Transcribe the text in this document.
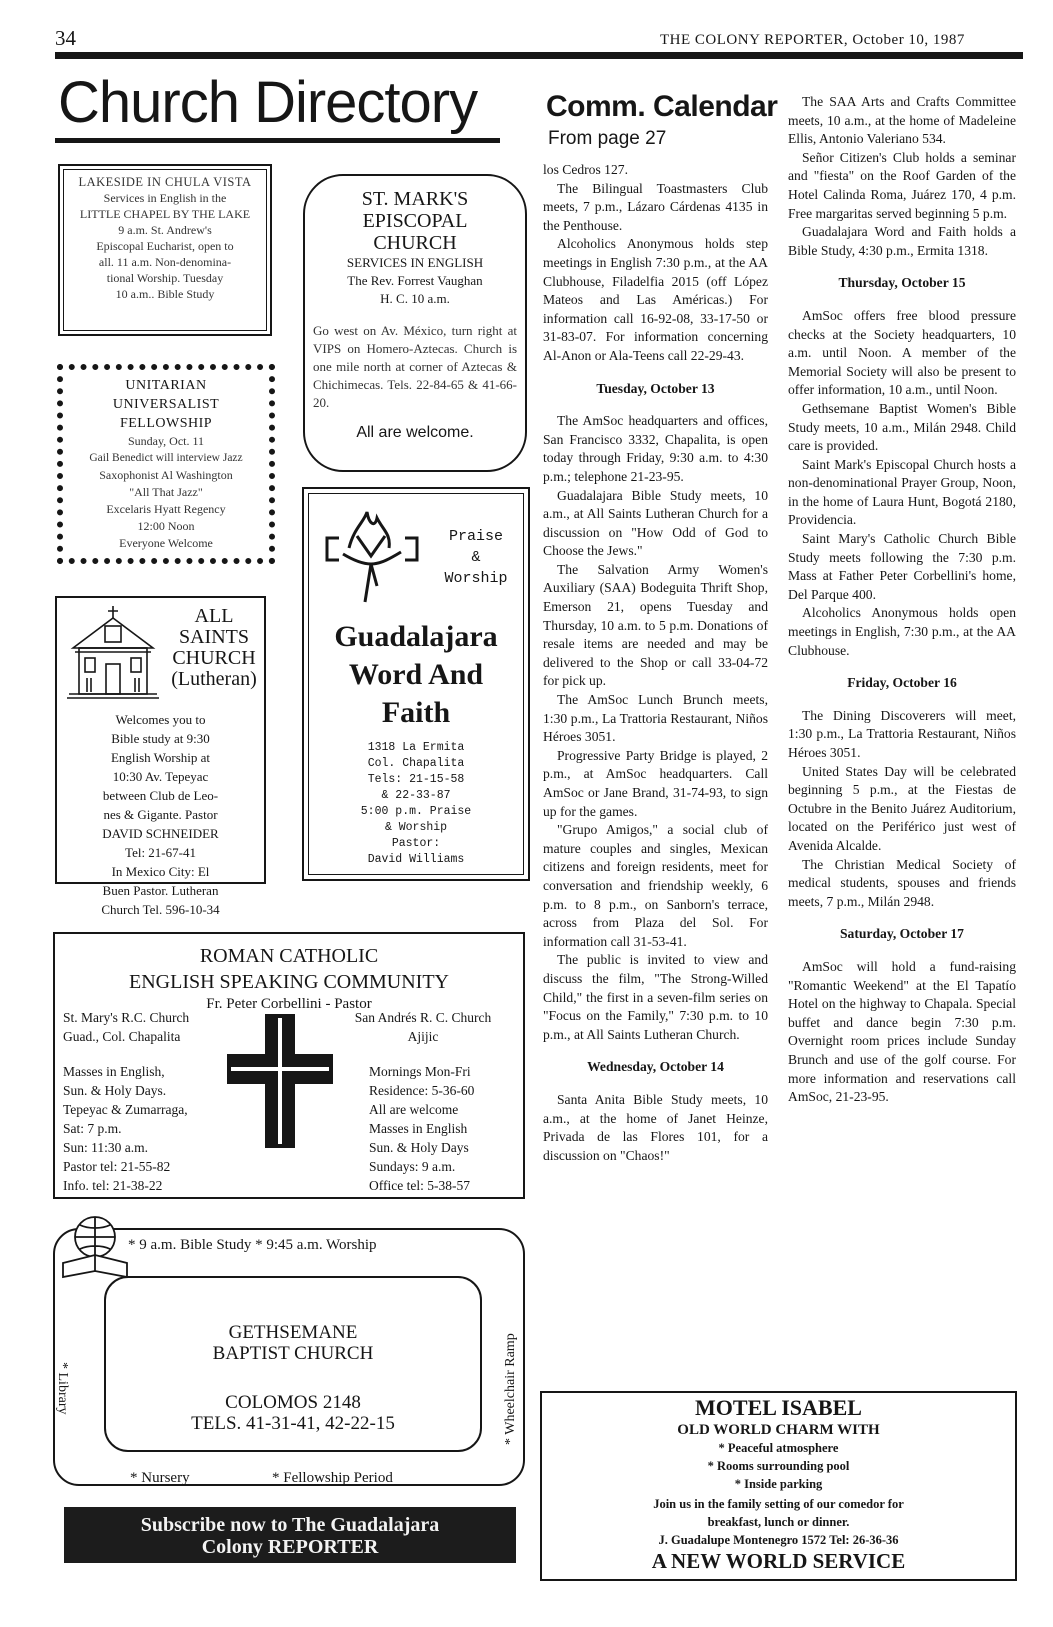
34	THE COLONY REPORTER, October 10, 1987
Church Directory
LAKESIDE IN CHULA VISTA
Services in English in the
LITTLE CHAPEL BY THE LAKE
9 a.m. St. Andrew's
Episcopal Eucharist, open to
all. 11 a.m. Non-denomina-
tional Worship. Tuesday
10 a.m.. Bible Study
UNITARIAN
UNIVERSALIST
FELLOWSHIP
Sunday, Oct. 11
Gail Benedict will interview Jazz
Saxophonist Al Washington
"All That Jazz"
Excelaris Hyatt Regency
12:00 Noon
Everyone Welcome
ALL
SAINTS
CHURCH
(Lutheran)
Welcomes you to
Bible study at 9:30
English Worship at
10:30 Av. Tepeyac
between Club de Leo-
nes & Gigante. Pastor
DAVID SCHNEIDER
Tel: 21-67-41
In Mexico City: El
Buen Pastor. Lutheran
Church Tel. 596-10-34
ST. MARK'S
EPISCOPAL
CHURCH
SERVICES IN ENGLISH
The Rev. Forrest Vaughan
H. C. 10 a.m.
Go west on Av. México, turn right at VIPS on Homero-Aztecas. Church is one mile north at corner of Aztecas & Chichimecas. Tels. 22-84-65 & 41-66-20.
All are welcome.
Praise
&
Worship
Guadalajara
Word And
Faith
1318 La Ermita
Col. Chapalita
Tels: 21-15-58
& 22-33-87
5:00 p.m. Praise
& Worship
Pastor:
David Williams
ROMAN CATHOLIC
ENGLISH SPEAKING COMMUNITY
Fr. Peter Corbellini - Pastor
St. Mary's R.C. Church
Guad., Col. Chapalita
San Andrés R. C. Church
Ajijic
Masses in English,
Sun. & Holy Days.
Tepeyac & Zumarraga,
Sat: 7 p.m.
Sun: 11:30 a.m.
Pastor tel: 21-55-82
Info. tel: 21-38-22
Mornings Mon-Fri
Residence: 5-36-60
All are welcome
Masses in English
Sun. & Holy Days
Sundays: 9 a.m.
Office tel: 5-38-57
* 9 a.m. Bible Study * 9:45 a.m. Worship
GETHSEMANE
BAPTIST CHURCH
COLOMOS 2148
TELS. 41-31-41, 42-22-15
* Nursery	* Fellowship Period
* Library	* Wheelchair Ramp
Subscribe now to The Guadalajara
Colony REPORTER
Comm. Calendar
From page 27

los Cedros 127.

The Bilingual Toastmasters Club meets, 7 p.m., Lázaro Cárdenas 4135 in the Penthouse.

Alcoholics Anonymous holds step meetings in English 7:30 p.m., at the AA Clubhouse, Filadelfia 2015 (off López Mateos and Las Américas.) For information call 16-92-08, 33-17-50 or 31-83-07. For information concerning Al-Anon or Ala-Teens call 22-29-43.

Tuesday, October 13

The AmSoc headquarters and offices, San Francisco 3332, Chapalita, is open today through Friday, 9:30 a.m. to 4:30 p.m.; telephone 21-23-95.

Guadalajara Bible Study meets, 10 a.m., at All Saints Lutheran Church for a discussion on "How Odd of God to Choose the Jews."

The Salvation Army Women's Auxiliary (SAA) Bodeguita Thrift Shop, Emerson 21, opens Tuesday and Thursday, 10 a.m. to 5 p.m. Donations of resale items are needed and may be delivered to the Shop or call 33-04-72 for pick up.

The AmSoc Lunch Brunch meets, 1:30 p.m., La Trattoria Restaurant, Niños Héroes 3051.

Progressive Party Bridge is played, 2 p.m., at AmSoc headquarters. Call AmSoc or Jane Brand, 31-74-93, to sign up for the games.

"Grupo Amigos," a social club of mature couples and singles, Mexican citizens and foreign residents, meet for conversation and friendship weekly, 6 p.m. to 8 p.m., on Sanborn's terrace, across from Plaza del Sol. For information call 31-53-41.

The public is invited to view and discuss the film, "The Strong-Willed Child," the first in a seven-film series on "Focus on the Family," 7:30 p.m. to 10 p.m., at All Saints Lutheran Church.

Wednesday, October 14

Santa Anita Bible Study meets, 10 a.m., at the home of Janet Heinze, Privada de las Flores 101, for a discussion on "Chaos!"

The SAA Arts and Crafts Committee meets, 10 a.m., at the home of Madeleine Ellis, Antonio Valeriano 534.

Señor Citizen's Club holds a seminar and "fiesta" on the Roof Garden of the Hotel Calinda Roma, Juárez 170, 4 p.m. Free margaritas served beginning 5 p.m.

Guadalajara Word and Faith holds a Bible Study, 4:30 p.m., Ermita 1318.

Thursday, October 15

AmSoc offers free blood pressure checks at the Society headquarters, 10 a.m. until Noon. A member of the Memorial Society will also be present to offer information, 10 a.m., until Noon.

Gethsemane Baptist Women's Bible Study meets, 10 a.m., Milán 2948. Child care is provided.

Saint Mark's Episcopal Church hosts a non-denominational Prayer Group, Noon, in the home of Laura Hunt, Bogotá 2180, Providencia.

Saint Mary's Catholic Church Bible Study meets following the 7:30 p.m. Mass at Father Peter Corbellini's home, Del Parque 400.

Alcoholics Anonymous holds open meetings in English, 7:30 p.m., at the AA Clubhouse.

Friday, October 16

The Dining Discoverers will meet, 1:30 p.m., La Trattoria Restaurant, Niños Héroes 3051.

United States Day will be celebrated beginning 5 p.m., at the Fiestas de Octubre in the Benito Juárez Auditorium, located on the Periférico just west of Avenida Alcalde.

The Christian Medical Society of medical students, spouses and friends meets, 7 p.m., Milán 2948.

Saturday, October 17

AmSoc will hold a fund-raising "Romantic Weekend" at the El Tapatío Hotel on the highway to Chapala. Special buffet and dance begin 7:30 p.m. Overnight room prices include Sunday Brunch and use of the golf course. For more information and reservations call AmSoc, 21-23-95.

MOTEL ISABEL
OLD WORLD CHARM WITH
* Peaceful atmosphere
* Rooms surrounding pool
* Inside parking
Join us in the family setting of our comedor for
breakfast, lunch or dinner.
J. Guadalupe Montenegro 1572 Tel: 26-36-36
A NEW WORLD SERVICE
